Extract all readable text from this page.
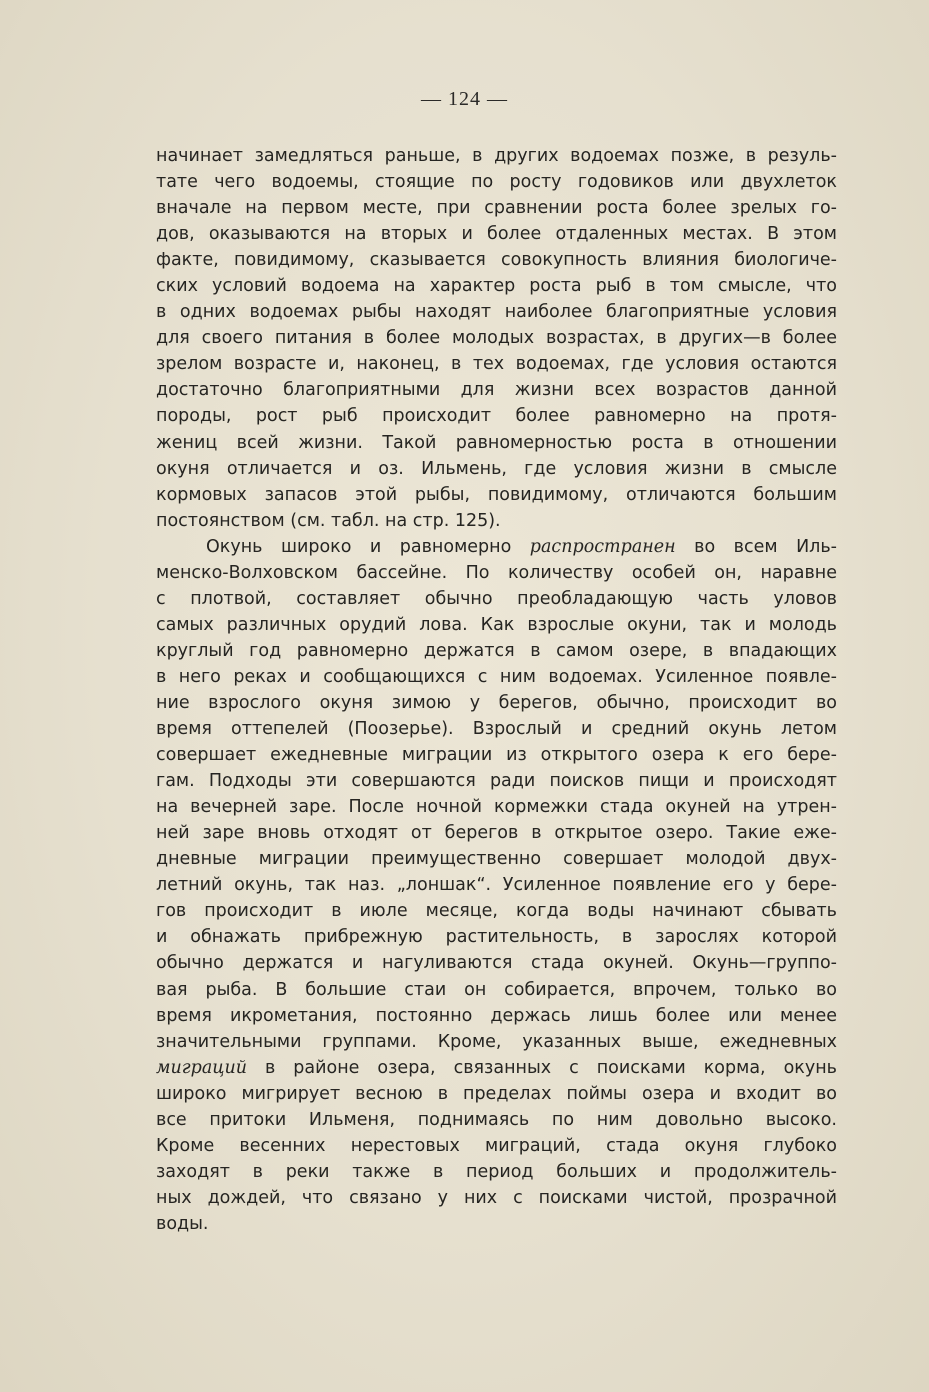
— 124 —
начинает замедляться раньше, в других водоемах позже, в резуль-
тате чего водоемы, стоящие по росту годовиков или двухлеток
вначале на первом месте, при сравнении роста более зрелых го-
дов, оказываются на вторых и более отдаленных местах. В этом
факте, повидимому, сказывается совокупность влияния биологиче-
ских условий водоема на характер роста рыб в том смысле, что
в одних водоемах рыбы находят наиболее благоприятные условия
для своего питания в более молодых возрастах, в других—в более
зрелом возрасте и, наконец, в тех водоемах, где условия остаются
достаточно благоприятными для жизни всех возрастов данной
породы, рост рыб происходит более равномерно на протя-
жениц всей жизни. Такой равномерностью роста в отношении
окуня отличается и оз. Ильмень, где условия жизни в смысле
кормовых запасов этой рыбы, повидимому, отличаются большим
постоянством (см. табл. на стр. 125).
Окунь широко и равномерно распространен во всем Иль-
менско-Волховском бассейне. По количеству особей он, наравне
с плотвой, составляет обычно преобладающую часть уловов
самых различных орудий лова. Как взрослые окуни, так и молодь
круглый год равномерно держатся в самом озере, в впадающих
в него реках и сообщающихся с ним водоемах. Усиленное появле-
ние взрослого окуня зимою у берегов, обычно, происходит во
время оттепелей (Поозерье). Взрослый и средний окунь летом
совершает ежедневные миграции из открытого озера к его бере-
гам. Подходы эти совершаются ради поисков пищи и происходят
на вечерней заре. После ночной кормежки стада окуней на утрен-
ней заре вновь отходят от берегов в открытое озеро. Такие еже-
дневные миграции преимущественно совершает молодой двух-
летний окунь, так наз. „лоншак“. Усиленное появление его у бере-
гов происходит в июле месяце, когда воды начинают сбывать
и обнажать прибрежную растительность, в зарослях которой
обычно держатся и нагуливаются стада окуней. Окунь—группо-
вая рыба. В большие стаи он собирается, впрочем, только во
время икрометания, постоянно держась лишь более или менее
значительными группами. Кроме, указанных выше, ежедневных
миграций в районе озера, связанных с поисками корма, окунь
широко мигрирует весною в пределах поймы озера и входит во
все притоки Ильменя, поднимаясь по ним довольно высоко.
Кроме весенних нерестовых миграций, стада окуня глубоко
заходят в реки также в период больших и продолжитель-
ных дождей, что связано у них с поисками чистой, прозрачной
воды.
